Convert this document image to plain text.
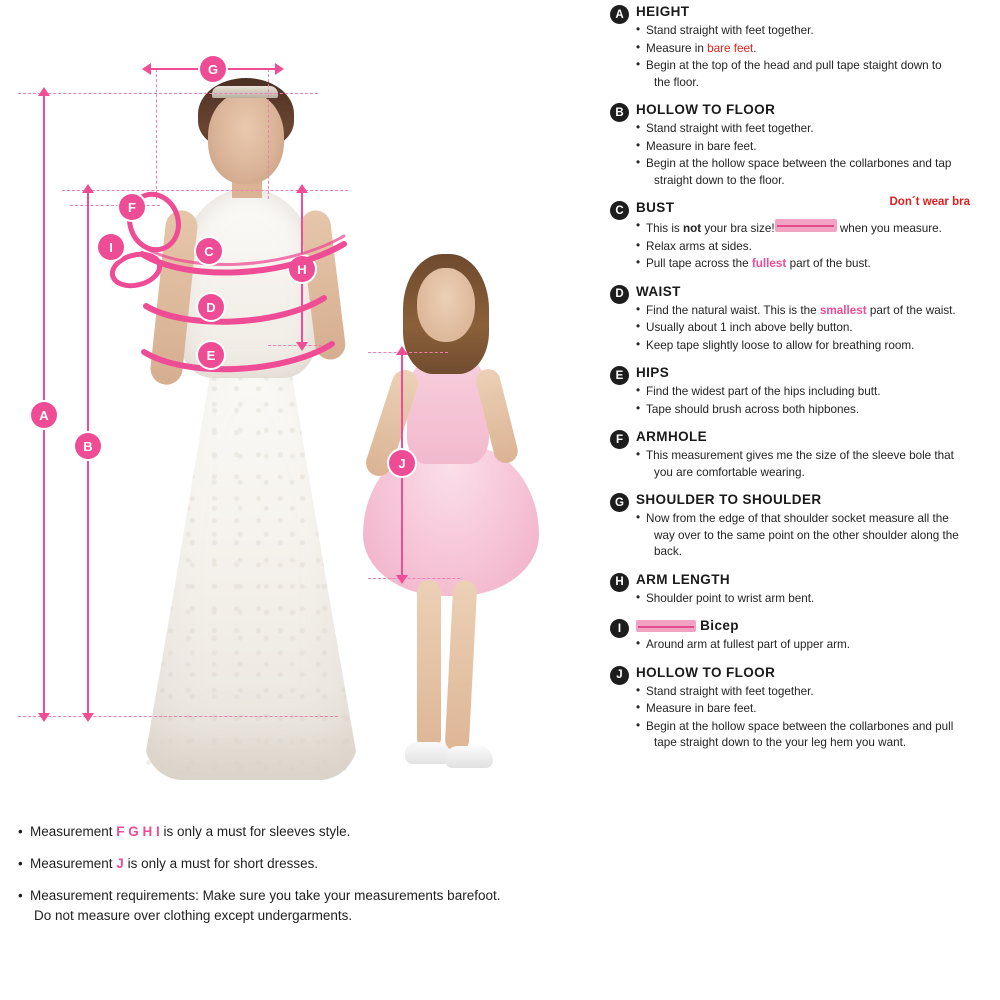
A
B
G
H
C
D
E
F
I
J
• Measurement F G H I is only a must for sleeves style.
• Measurement J is only a must for short dresses.
• Measurement requirements: Make sure you take your measurements barefoot.
Do not measure over clothing except undergarments.
A HEIGHT
• Stand straight with feet together.
• Measure in bare feet.
• Begin at the top of the head and pull tape staight down to
the floor.
B HOLLOW TO FLOOR
• Stand straight with feet together.
• Measure in bare feet.
• Begin at the hollow space between the collarbones and tap
straight down to the floor.
C BUST	Don´t wear bra
• This is not your bra size!	when you measure.
• Relax arms at sides.
• Pull tape across the fullest part of the bust.
D WAIST
• Find the natural waist. This is the smallest part of the waist.
• Usually about 1 inch above belly button.
• Keep tape slightly loose to allow for breathing room.
E HIPS
• Find the widest part of the hips including butt.
• Tape should brush across both hipbones.
F ARMHOLE
• This measurement gives me the size of the sleeve bole that
you are comfortable wearing.
G SHOULDER TO SHOULDER
• Now from the edge of that shoulder socket measure all the
way over to the same point on the other shoulder along the
back.
H ARM LENGTH
• Shoulder point to wrist arm bent.
I	Bicep
• Around arm at fullest part of upper arm.
J HOLLOW TO FLOOR
• Stand straight with feet together.
• Measure in bare feet.
• Begin at the hollow space between the collarbones and pull
tape straight down to the your leg hem you want.
